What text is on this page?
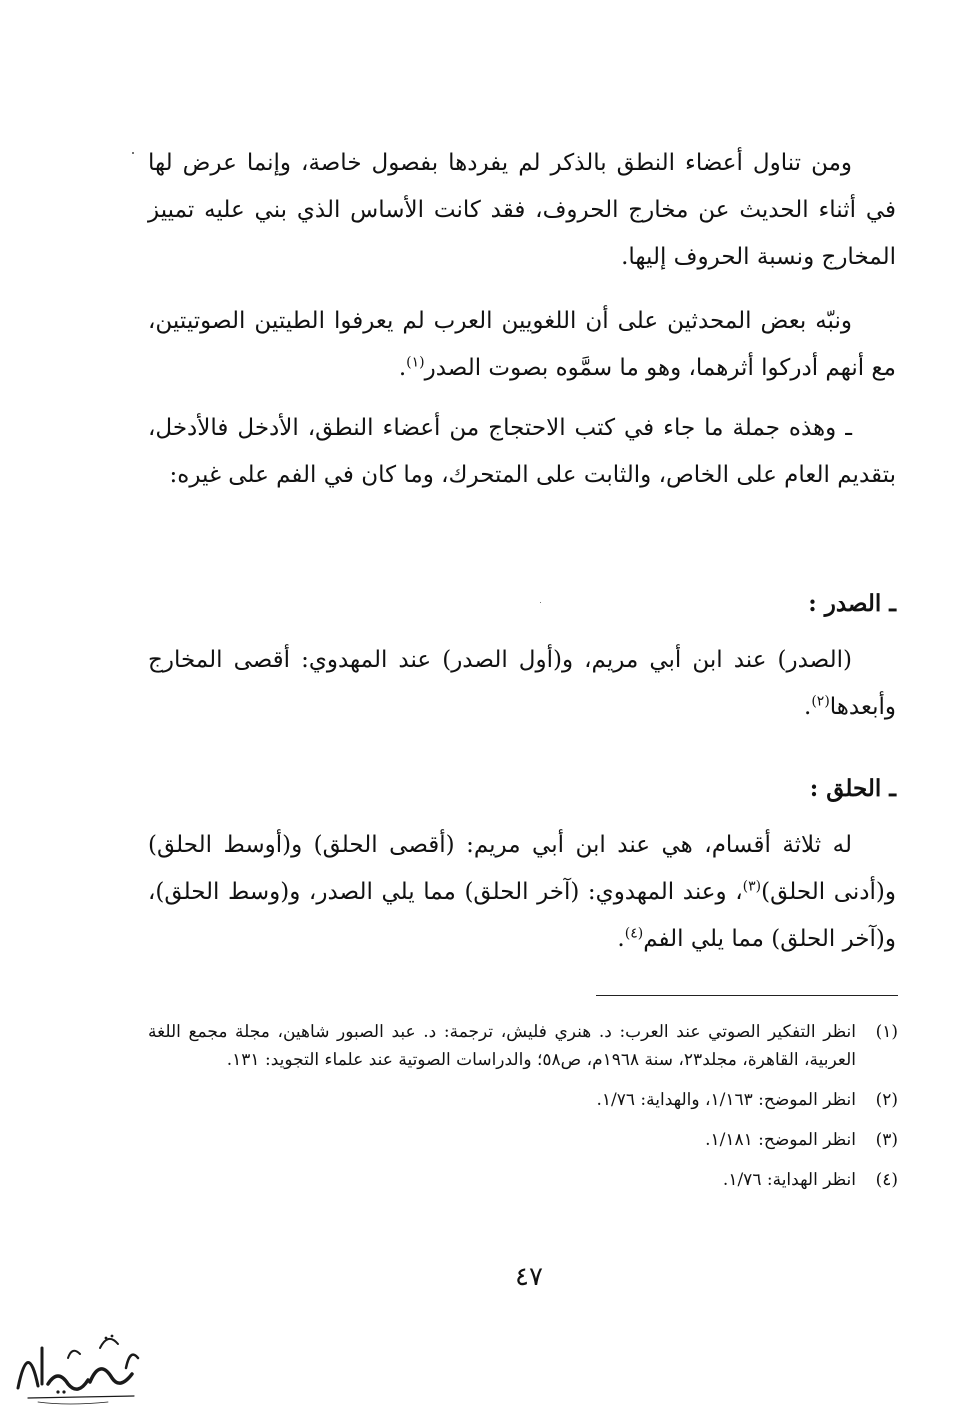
ومن تناول أعضاء النطق بالذكر لم يفردها بفصول خاصة، وإنما عرض لها في أثناء الحديث عن مخارج الحروف، فقد كانت الأساس الذي بني عليه تمييز المخارج ونسبة الحروف إليها.

ونبّه بعض المحدثين على أن اللغويين العرب لم يعرفوا الطيتين الصوتيتين، مع أنهم أدركوا أثرهما، وهو ما سمَّوه بصوت الصدر$^{(١)}$.

ـ وهذه جملة ما جاء في كتب الاحتجاج من أعضاء النطق، الأدخل فالأدخل، بتقديم العام على الخاص، والثابت على المتحرك، وما كان في الفم على غيره:

ـ الصدر :

(الصدر) عند ابن أبي مريم، و(أول الصدر) عند المهدوي: أقصى المخارج وأبعدها$^{(٢)}$.

ـ الحلق :

له ثلاثة أقسام، هي عند ابن أبي مريم: (أقصى الحلق) و(أوسط الحلق) و(أدنى الحلق)$^{(٣)}$، وعند المهدوي: (آخر الحلق) مما يلي الصدر، و(وسط الحلق)، و(آخر الحلق) مما يلي الفم$^{(٤)}$.

(١)
انظر التفكير الصوتي عند العرب: د. هنري فليش، ترجمة: د. عبد الصبور شاهين، مجلة مجمع اللغة العربية، القاهرة، مجلد٢٣، سنة ١٩٦٨م، ص٥٨؛ والدراسات الصوتية عند علماء التجويد: ١٣١.
(٢)
انظر الموضح: ١/١٦٣، والهداية: ١/٧٦.
(٣)
انظر الموضح: ١/١٨١.
(٤)
انظر الهداية: ١/٧٦.
٤٧
